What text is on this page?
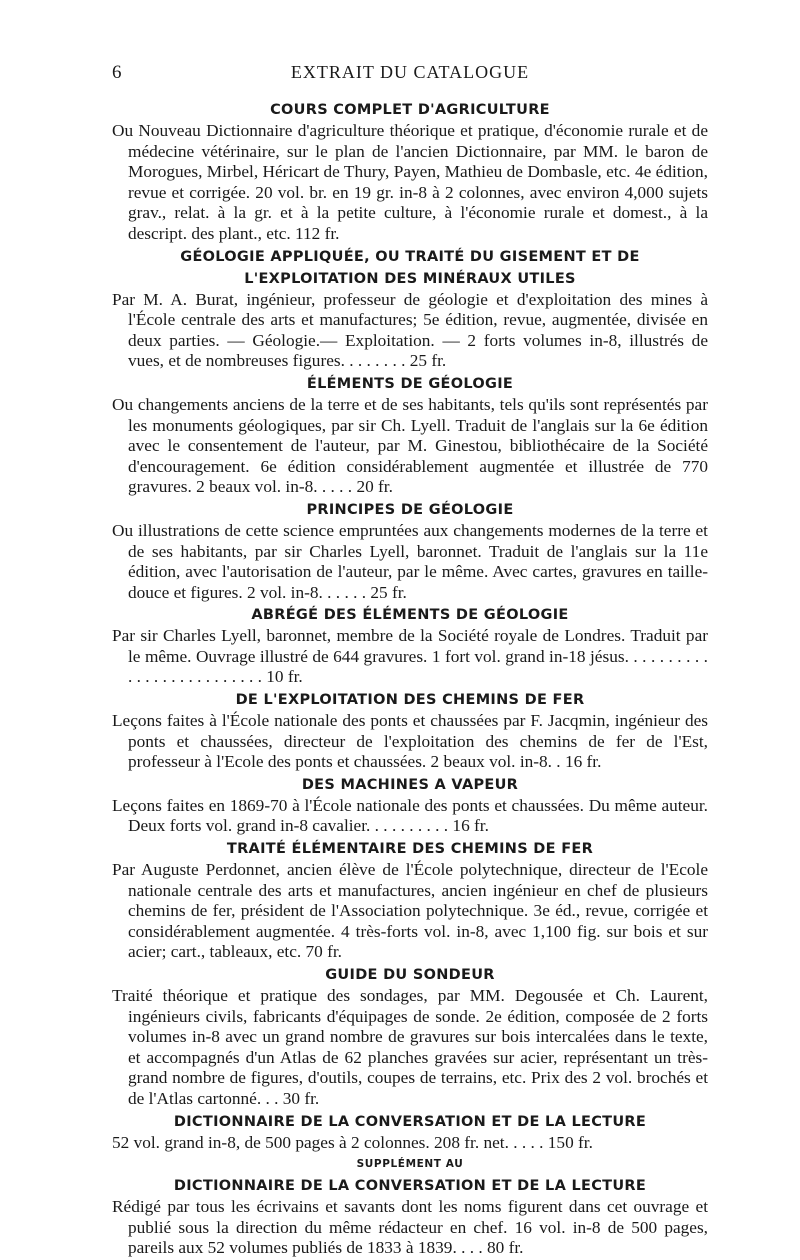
6	EXTRAIT DU CATALOGUE
COURS COMPLET D'AGRICULTURE
Ou Nouveau Dictionnaire d'agriculture théorique et pratique, d'économie rurale et de médecine vétérinaire, sur le plan de l'ancien Dictionnaire, par MM. le baron de Morogues, Mirbel, Héricart de Thury, Payen, Mathieu de Dombasle, etc. 4e édition, revue et corrigée. 20 vol. br. en 19 gr. in-8 à 2 colonnes, avec environ 4,000 sujets grav., relat. à la gr. et à la petite culture, à l'économie rurale et domest., à la descript. des plant., etc. 112 fr.
GÉOLOGIE APPLIQUÉE, OU TRAITÉ DU GISEMENT ET DE L'EXPLOITATION DES MINÉRAUX UTILES
Par M. A. Burat, ingénieur, professeur de géologie et d'exploitation des mines à l'École centrale des arts et manufactures; 5e édition, revue, augmentée, divisée en deux parties. — Géologie.— Exploitation. — 2 forts volumes in-8, illustrés de vues, et de nombreuses figures. . . . . . . . 25 fr.
ÉLÉMENTS DE GÉOLOGIE
Ou changements anciens de la terre et de ses habitants, tels qu'ils sont représentés par les monuments géologiques, par sir Ch. Lyell. Traduit de l'anglais sur la 6e édition avec le consentement de l'auteur, par M. Ginestou, bibliothécaire de la Société d'encouragement. 6e édition considérablement augmentée et illustrée de 770 gravures. 2 beaux vol. in-8. . . . . 20 fr.
PRINCIPES DE GÉOLOGIE
Ou illustrations de cette science empruntées aux changements modernes de la terre et de ses habitants, par sir Charles Lyell, baronnet. Traduit de l'anglais sur la 11e édition, avec l'autorisation de l'auteur, par le même. Avec cartes, gravures en taille-douce et figures. 2 vol. in-8. . . . . . 25 fr.
ABRÉGÉ DES ÉLÉMENTS DE GÉOLOGIE
Par sir Charles Lyell, baronnet, membre de la Société royale de Londres. Traduit par le même. Ouvrage illustré de 644 gravures. 1 fort vol. grand in-18 jésus. . . . . . . . . . . . . . . . . . . . . . . . . . 10 fr.
DE L'EXPLOITATION DES CHEMINS DE FER
Leçons faites à l'École nationale des ponts et chaussées par F. Jacqmin, ingénieur des ponts et chaussées, directeur de l'exploitation des chemins de fer de l'Est, professeur à l'Ecole des ponts et chaussées. 2 beaux vol. in-8. . 16 fr.
DES MACHINES A VAPEUR
Leçons faites en 1869-70 à l'École nationale des ponts et chaussées. Du même auteur. Deux forts vol. grand in-8 cavalier. . . . . . . . . . 16 fr.
TRAITÉ ÉLÉMENTAIRE DES CHEMINS DE FER
Par Auguste Perdonnet, ancien élève de l'École polytechnique, directeur de l'Ecole nationale centrale des arts et manufactures, ancien ingénieur en chef de plusieurs chemins de fer, président de l'Association polytechnique. 3e éd., revue, corrigée et considérablement augmentée. 4 très-forts vol. in-8, avec 1,100 fig. sur bois et sur acier; cart., tableaux, etc. 70 fr.
GUIDE DU SONDEUR
Traité théorique et pratique des sondages, par MM. Degousée et Ch. Laurent, ingénieurs civils, fabricants d'équipages de sonde. 2e édition, composée de 2 forts volumes in-8 avec un grand nombre de gravures sur bois intercalées dans le texte, et accompagnés d'un Atlas de 62 planches gravées sur acier, représentant un très-grand nombre de figures, d'outils, coupes de terrains, etc. Prix des 2 vol. brochés et de l'Atlas cartonné. . . 30 fr.
DICTIONNAIRE DE LA CONVERSATION ET DE LA LECTURE
52 vol. grand in-8, de 500 pages à 2 colonnes. 208 fr. net. . . . . 150 fr.
SUPPLÉMENT AU
DICTIONNAIRE DE LA CONVERSATION ET DE LA LECTURE
Rédigé par tous les écrivains et savants dont les noms figurent dans cet ouvrage et publié sous la direction du même rédacteur en chef. 16 vol. in-8 de 500 pages, pareils aux 52 volumes publiés de 1833 à 1839. . . . 80 fr.
